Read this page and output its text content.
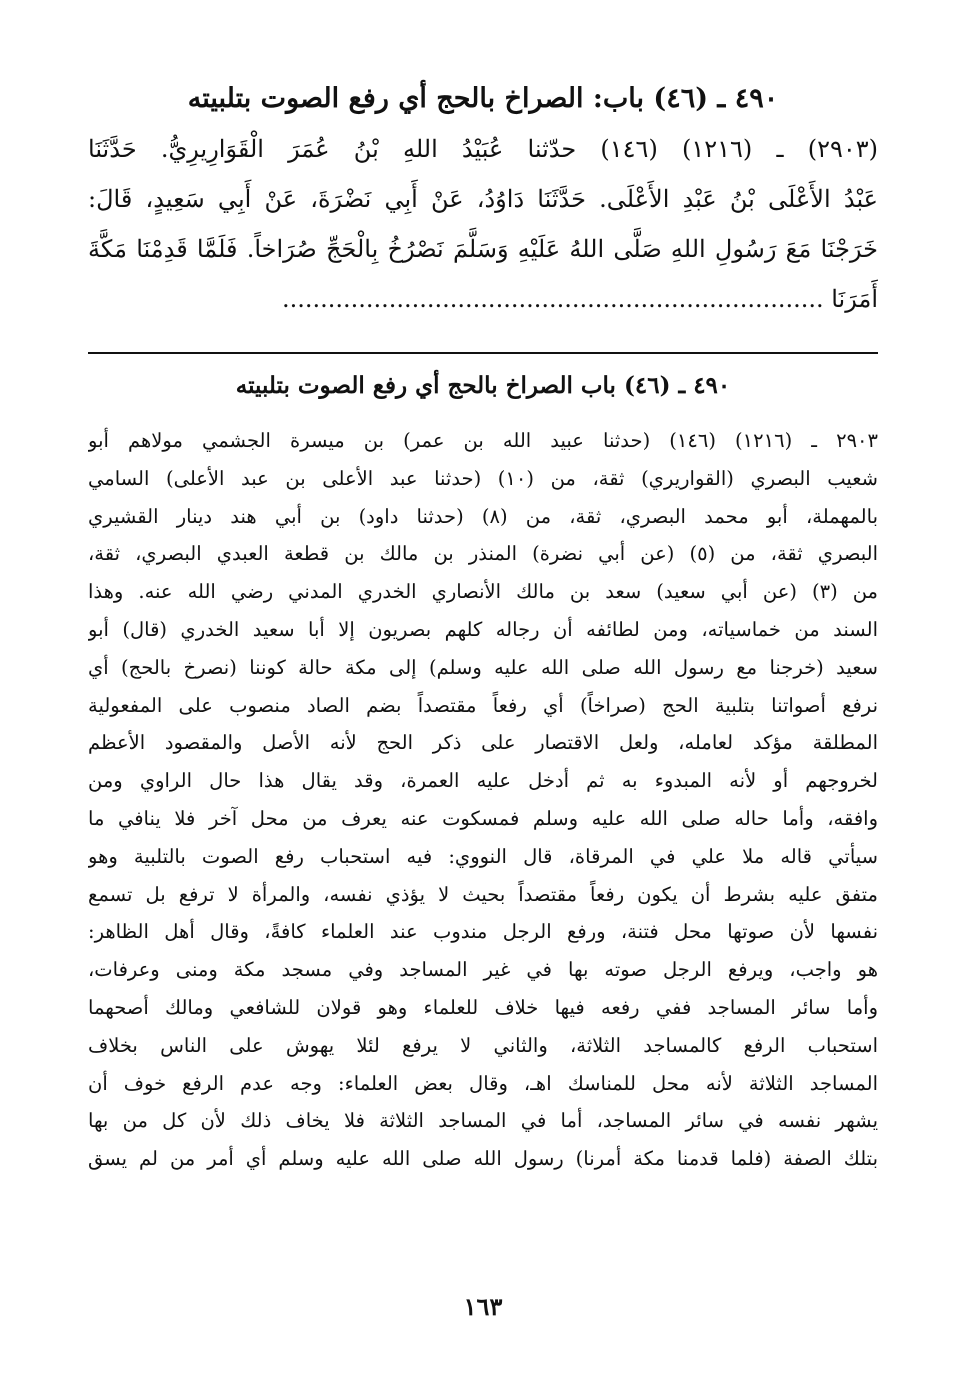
٤٩٠ ـ (٤٦) باب: الصراخ بالحج أي رفع الصوت بتلبيته
(٢٩٠٣) ـ (١٢١٦) (١٤٦) حدّثنا عُبَيْدُ اللهِ بْنُ عُمَرَ الْقَوَارِيرِيُّ. حَدَّثَنَا
عَبْدُ الأَعْلَى بْنُ عَبْدِ الأَعْلَى. حَدَّثَنَا دَاوُدُ، عَنْ أَبِي نَضْرَةَ، عَنْ أَبِي سَعِيدٍ، قَالَ:
خَرَجْنَا مَعَ رَسُولِ اللهِ صَلَّى اللهُ عَلَيْهِ وَسَلَّمَ نَصْرُخُ بِالْحَجِّ صُرَاخاً. فَلَمَّا قَدِمْنَا مَكَّةَ
أَمَرَنَا .......................................................................
٤٩٠ ـ (٤٦) باب الصراخ بالحج أي رفع الصوت بتلبيته
٢٩٠٣ ـ (١٢١٦) (١٤٦) (حدثنا عبيد الله بن عمر) بن ميسرة الجشمي مولاهم أبو
شعيب البصري (القواريري) ثقة، من (١٠) (حدثنا عبد الأعلى بن عبد الأعلى) السامي
بالمهملة، أبو محمد البصري، ثقة، من (٨) (حدثنا داود) بن أبي هند دينار القشيري
البصري ثقة، من (٥) (عن أبي نضرة) المنذر بن مالك بن قطعة العبدي البصري، ثقة،
من (٣) (عن أبي سعيد) سعد بن مالك الأنصاري الخدري المدني رضي الله عنه. وهذا
السند من خماسياته، ومن لطائفه أن رجاله كلهم بصريون إلا أبا سعيد الخدري (قال) أبو
سعيد (خرجنا مع رسول الله صلى الله عليه وسلم) إلى مكة حالة كوننا (نصرخ بالحج) أي
نرفع أصواتنا بتلبية الحج (صراخاً) أي رفعاً مقتصداً بضم الصاد منصوب على المفعولية
المطلقة مؤكد لعامله، ولعل الاقتصار على ذكر الحج لأنه الأصل والمقصود الأعظم
لخروجهم أو لأنه المبدوء به ثم أدخل عليه العمرة، وقد يقال هذا حال الراوي ومن
وافقه، وأما حاله صلى الله عليه وسلم فمسكوت عنه يعرف من محل آخر فلا ينافي ما
سيأتي قاله ملا علي في المرقاة، قال النووي: فيه استحباب رفع الصوت بالتلبية وهو
متفق عليه بشرط أن يكون رفعاً مقتصداً بحيث لا يؤذي نفسه، والمرأة لا ترفع بل تسمع
نفسها لأن صوتها محل فتنة، ورفع الرجل مندوب عند العلماء كافةً، وقال أهل الظاهر:
هو واجب، ويرفع الرجل صوته بها في غير المساجد وفي مسجد مكة ومنى وعرفات،
وأما سائر المساجد ففي رفعه فيها خلاف للعلماء وهو قولان للشافعي ومالك أصحهما
استحباب الرفع كالمساجد الثلاثة، والثاني لا يرفع لئلا يهوش على الناس بخلاف
المساجد الثلاثة لأنه محل للمناسك اهـ، وقال بعض العلماء: وجه عدم الرفع خوف أن
يشهر نفسه في سائر المساجد، أما في المساجد الثلاثة فلا يخاف ذلك لأن كل من بها
بتلك الصفة (فلما قدمنا مكة أمرنا) رسول الله صلى الله عليه وسلم أي أمر من لم يسق
١٦٣
